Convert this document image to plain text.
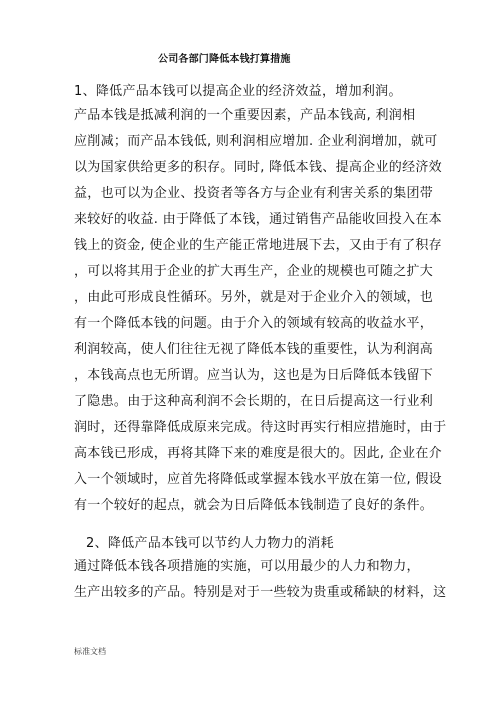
公司各部门降低本钱打算措施
1、降低产品本钱可以提高企业的经济效益，增加利润。
产品本钱是抵减利润的一个重要因素，产品本钱高, 利润相
应削减；而产品本钱低, 则利润相应增加. 企业利润增加，就可
以为国家供给更多的积存。同时, 降低本钱、提高企业的经济效
益，也可以为企业、投资者等各方与企业有利害关系的集团带
来较好的收益. 由于降低了本钱，通过销售产品能收回投入在本
钱上的资金, 使企业的生产能正常地进展下去，又由于有了积存
，可以将其用于企业的扩大再生产，企业的规模也可随之扩大
，由此可形成良性循环。另外，就是对于企业介入的领域，也
有一个降低本钱的问题。由于介入的领域有较高的收益水平，
利润较高，使人们往往无视了降低本钱的重要性，认为利润高
，本钱高点也无所谓。应当认为，这也是为日后降低本钱留下
了隐患。由于这种高利润不会长期的，在日后提高这一行业利
润时，还得靠降低成原来完成。待这时再实行相应措施时，由于
高本钱已形成，再将其降下来的难度是很大的。因此, 企业在介
入一个领域时，应首先将降低或掌握本钱水平放在第一位, 假设
有一个较好的起点，就会为日后降低本钱制造了良好的条件。
2、降低产品本钱可以节约人力物力的消耗
通过降低本钱各项措施的实施，可以用最少的人力和物力，
生产出较多的产品。特别是对于一些较为贵重或稀缺的材料，这
标准文档
